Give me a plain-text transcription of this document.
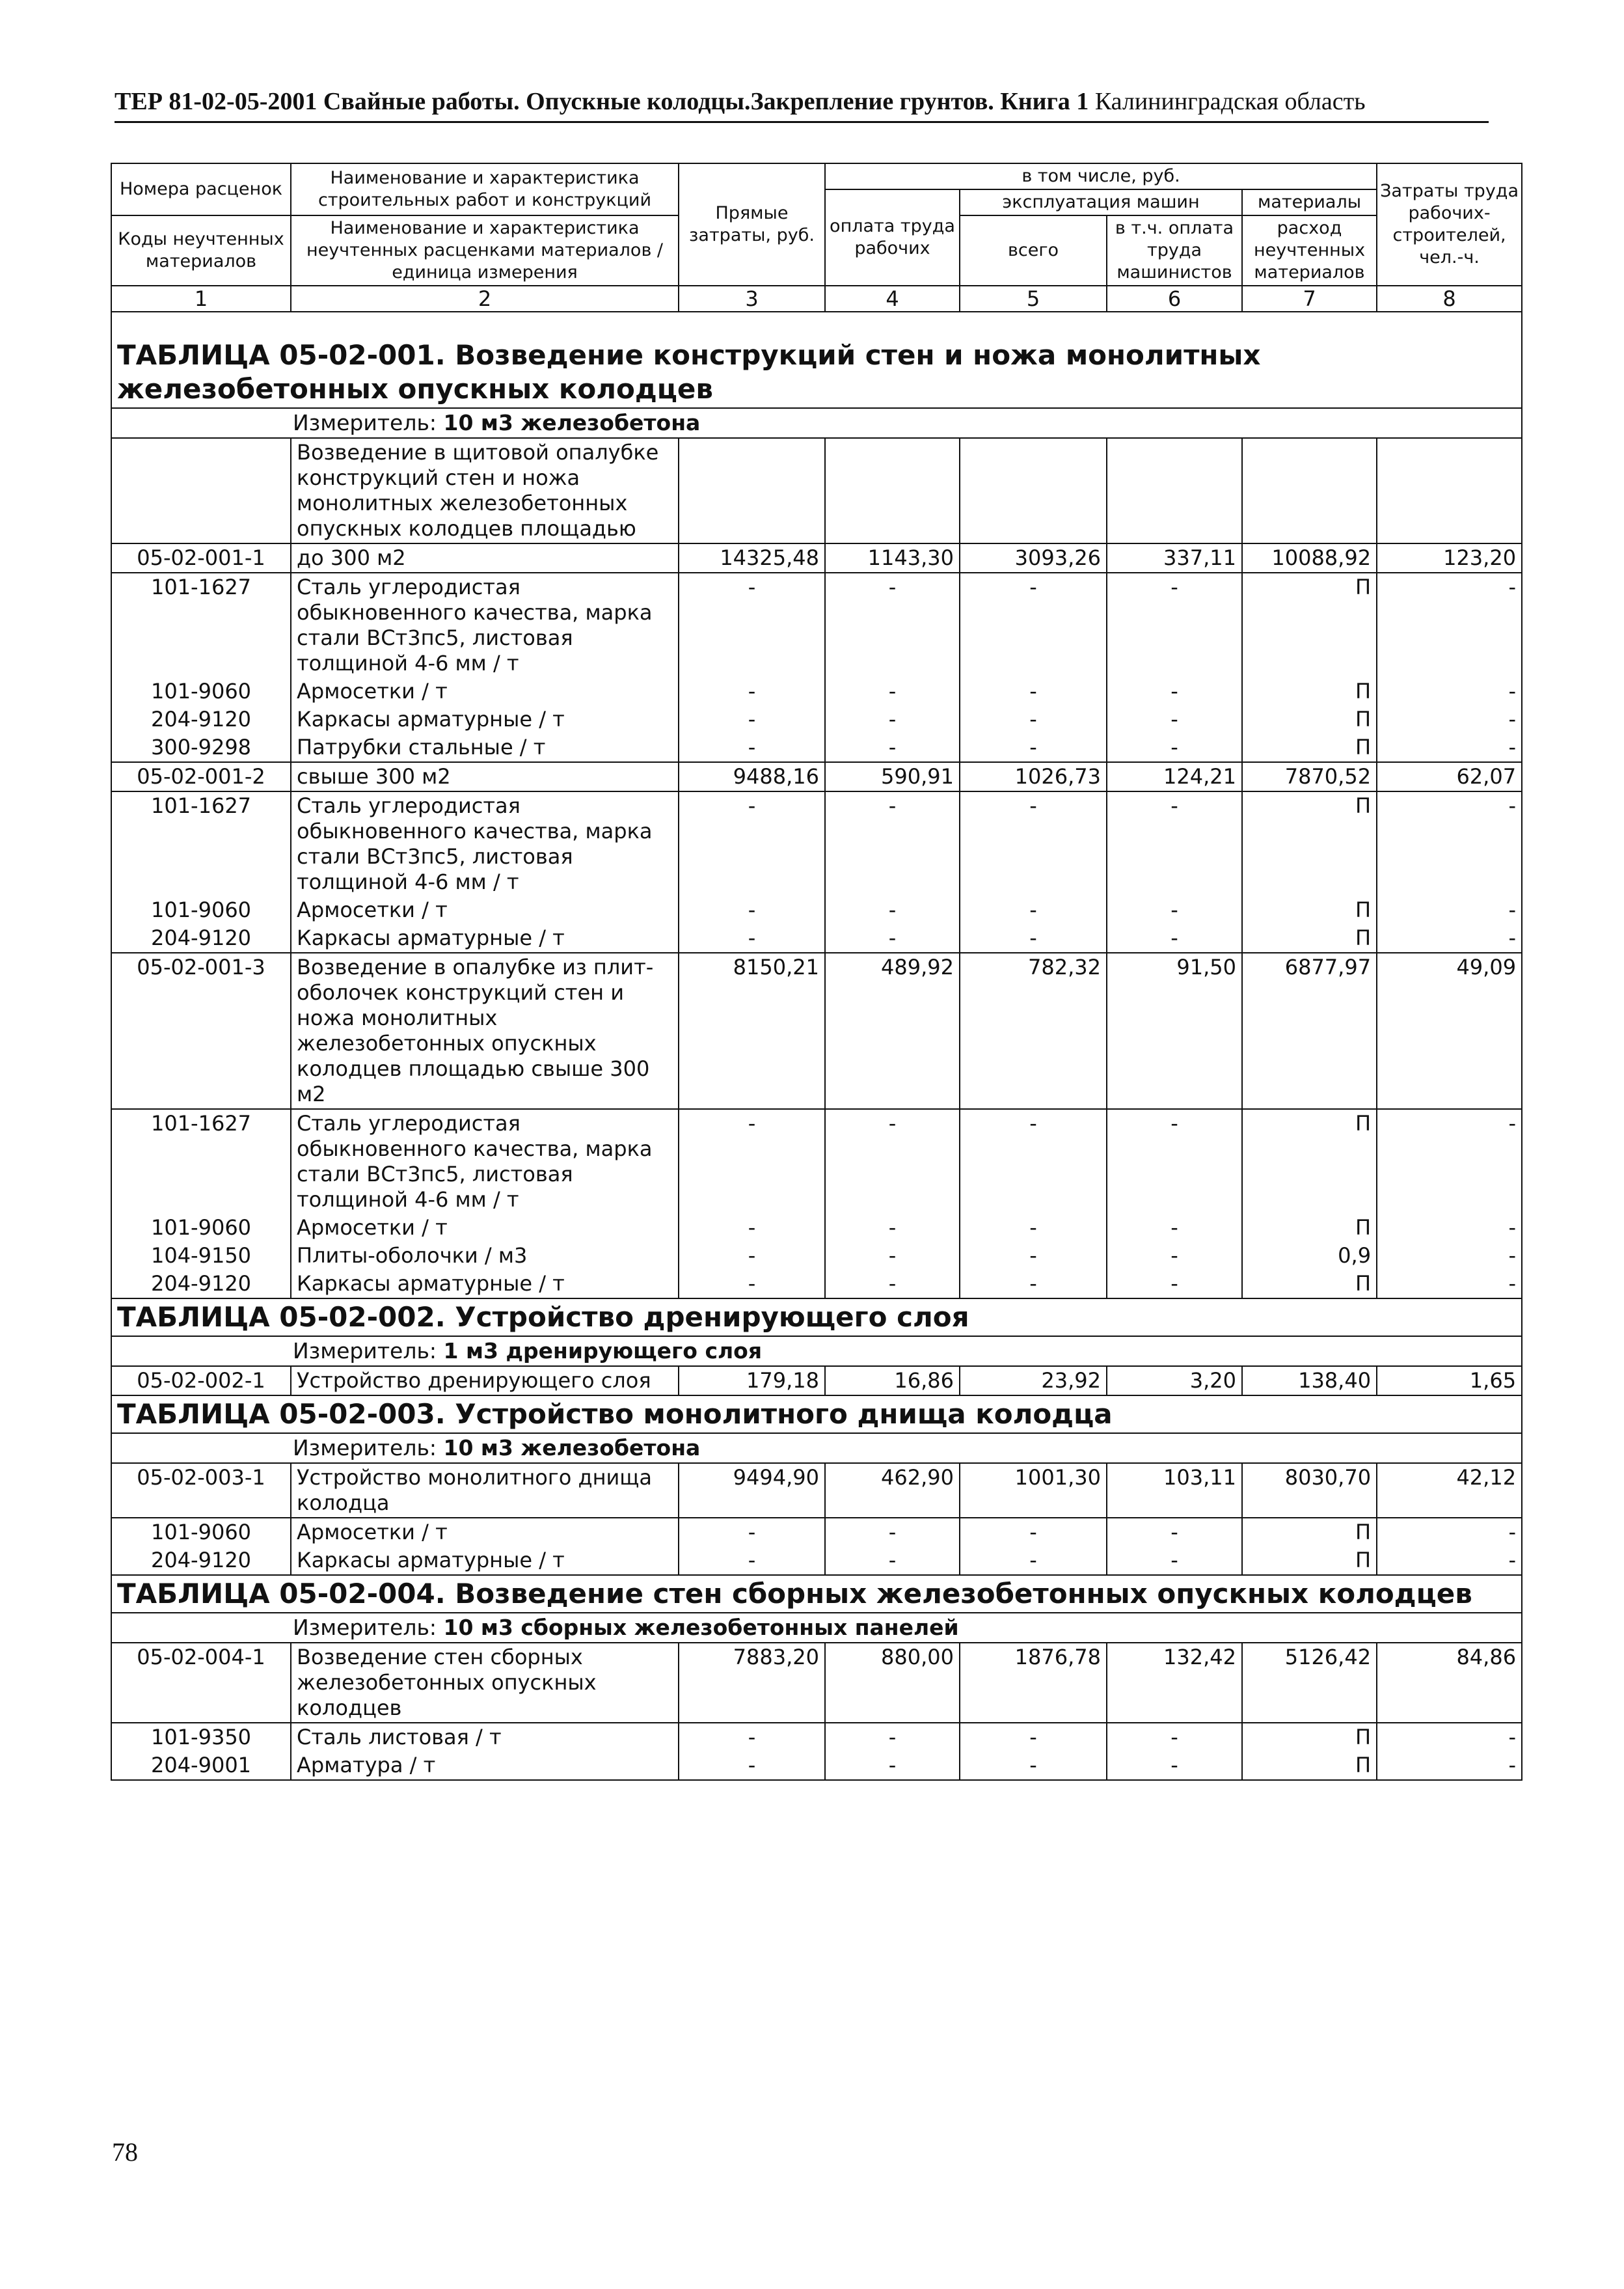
ТЕР 81-02-05-2001 Свайные работы. Опускные колодцы.Закрепление грунтов. Книга 1 Калининградская область
Номера расценок	Наименование и характеристика строительных работ и конструкций	Прямые затраты, руб.	в том числе, руб.				Затраты труда рабочих-строителей, чел.-ч.
			оплата труда рабочих	эксплуатация машин		материалы	
Коды неучтенных материалов	Наименование и характеристика неучтенных расценками материалов / единица измерения			всего	в т.ч. оплата труда машинистов	расход неучтенных материалов	

1	2	3	4	5	6	7	8

ТАБЛИЦА 05-02-001. Возведение конструкций стен и ножа монолитных железобетонных опускных колодцев							

Измеритель: 10 м3 железобетона							
	Возведение в щитовой опалубке конструкций стен и ножа монолитных железобетонных опускных колодцев площадью						
05-02-001-1	до 300 м2	14325,48	1143,30	3093,26	337,11	10088,92	123,20
101-1627	Сталь углеродистая обыкновенного качества, марка стали ВСт3пс5, листовая толщиной 4-6 мм / т	-	-	-	-	П	-
101-9060	Армосетки / т	-	-	-	-	П	-
204-9120	Каркасы арматурные / т	-	-	-	-	П	-
300-9298	Патрубки стальные / т	-	-	-	-	П	-
05-02-001-2	свыше 300 м2	9488,16	590,91	1026,73	124,21	7870,52	62,07
101-1627	Сталь углеродистая обыкновенного качества, марка стали ВСт3пс5, листовая толщиной 4-6 мм / т	-	-	-	-	П	-
101-9060	Армосетки / т	-	-	-	-	П	-
204-9120	Каркасы арматурные / т	-	-	-	-	П	-
05-02-001-3	Возведение в опалубке из плит-оболочек конструкций стен и ножа монолитных железобетонных опускных колодцев площадью свыше 300 м2	8150,21	489,92	782,32	91,50	6877,97	49,09
101-1627	Сталь углеродистая обыкновенного качества, марка стали ВСт3пс5, листовая толщиной 4-6 мм / т	-	-	-	-	П	-
101-9060	Армосетки / т	-	-	-	-	П	-
104-9150	Плиты-оболочки / м3	-	-	-	-	0,9	-
204-9120	Каркасы арматурные / т	-	-	-	-	П	-

ТАБЛИЦА 05-02-002. Устройство дренирующего слоя							

Измеритель: 1 м3 дренирующего слоя							
05-02-002-1	Устройство дренирующего слоя	179,18	16,86	23,92	3,20	138,40	1,65

ТАБЛИЦА 05-02-003. Устройство монолитного днища колодца							

Измеритель: 10 м3 железобетона							
05-02-003-1	Устройство монолитного днища колодца	9494,90	462,90	1001,30	103,11	8030,70	42,12
101-9060	Армосетки / т	-	-	-	-	П	-
204-9120	Каркасы арматурные / т	-	-	-	-	П	-

ТАБЛИЦА 05-02-004. Возведение стен сборных железобетонных опускных колодцев							

Измеритель: 10 м3 сборных железобетонных панелей							
05-02-004-1	Возведение стен сборных железобетонных опускных колодцев	7883,20	880,00	1876,78	132,42	5126,42	84,86
101-9350	Сталь листовая / т	-	-	-	-	П	-
204-9001	Арматура / т	-	-	-	-	П	-
78
